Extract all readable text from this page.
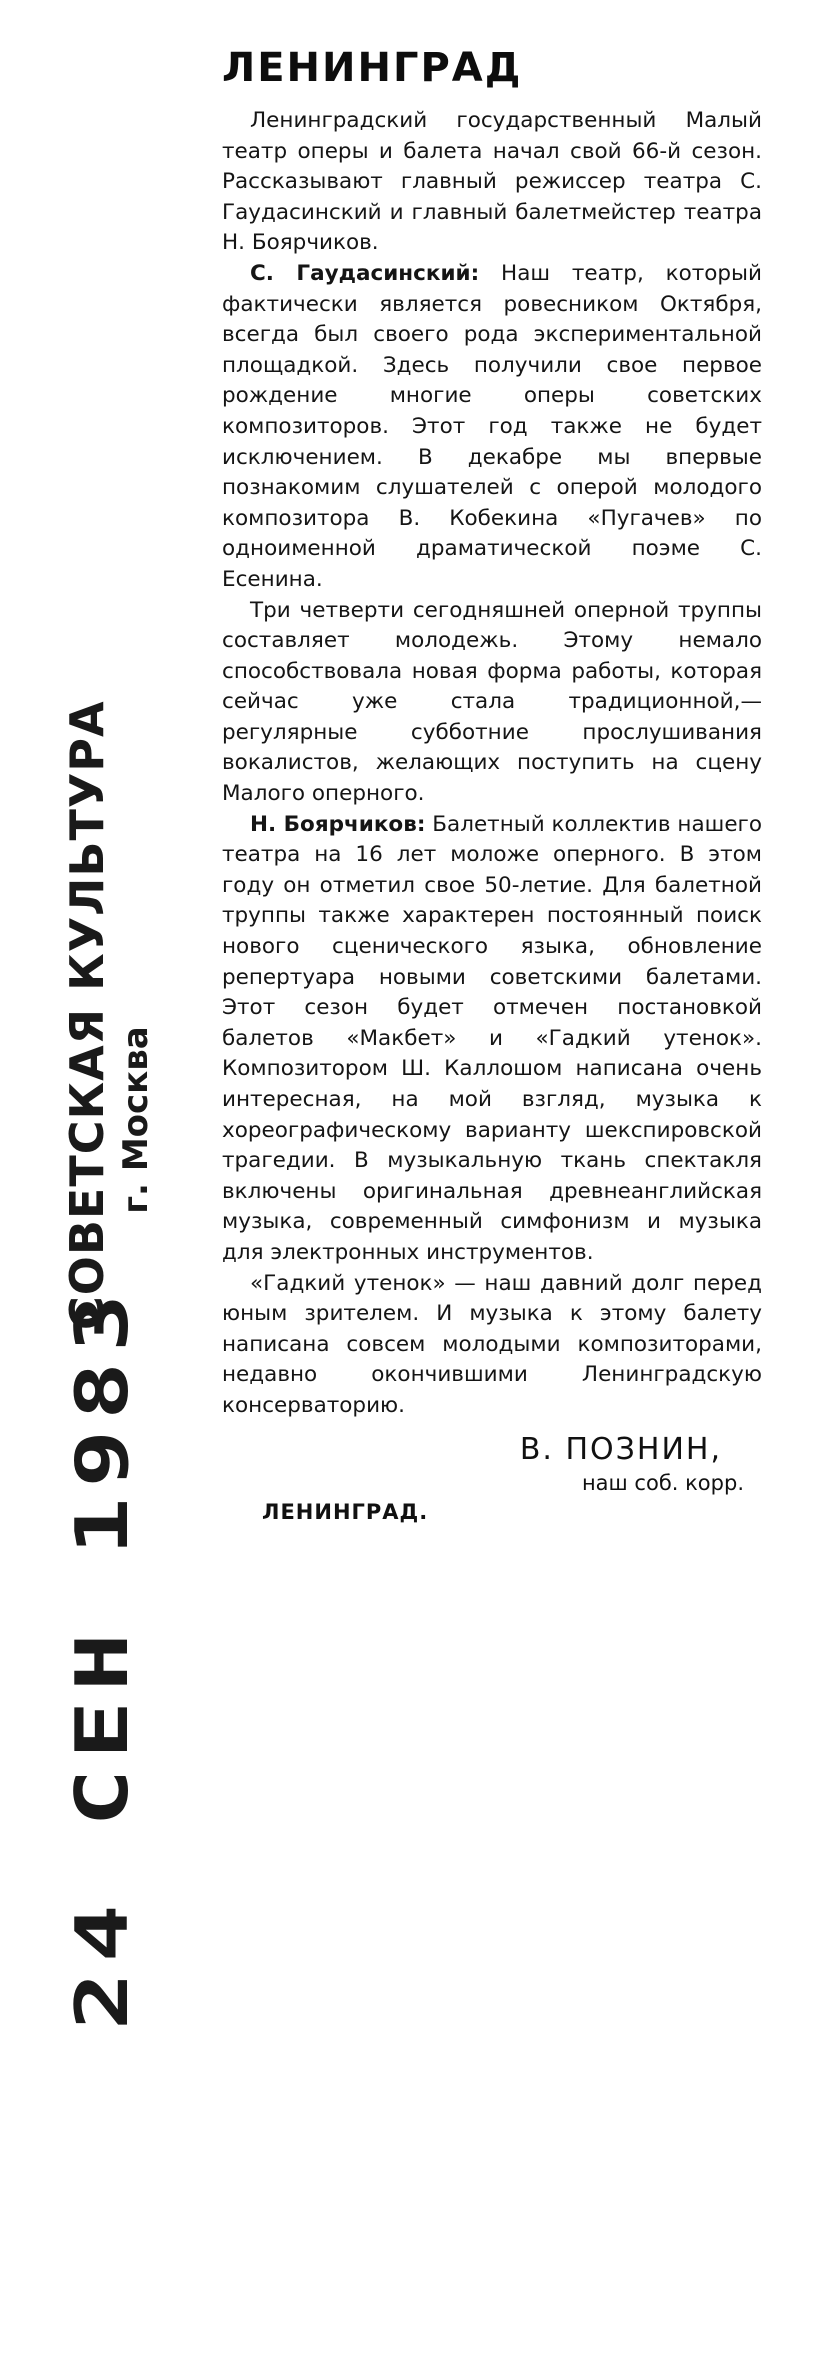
24 СЕН 1983
СОВЕТСКАЯ КУЛЬТУРА г. Москва
ЛЕНИНГРАД

Ленинградский государственный Малый театр оперы и балета начал свой 66-й сезон. Рассказывают главный режиссер театра С. Гаудасинский и главный балетмейстер театра Н. Боярчиков.

С. Гаудасинский: Наш театр, который фактически является ровесником Октября, всегда был своего рода экспериментальной площадкой. Здесь получили свое первое рождение многие оперы советских композиторов. Этот год также не будет исключением. В декабре мы впервые познакомим слушателей с оперой молодого композитора В. Кобекина «Пугачев» по одноименной драматической поэме С. Есенина.

Три четверти сегодняшней оперной труппы составляет молодежь. Этому немало способствовала новая форма работы, которая сейчас уже стала традиционной,— регулярные субботние прослушивания вокалистов, желающих поступить на сцену Малого оперного.

Н. Боярчиков: Балетный коллектив нашего театра на 16 лет моложе оперного. В этом году он отметил свое 50-летие. Для балетной труппы также характерен постоянный поиск нового сценического языка, обновление репертуара новыми советскими балетами. Этот сезон будет отмечен постановкой балетов «Макбет» и «Гадкий утенок». Композитором Ш. Каллошом написана очень интересная, на мой взгляд, музыка к хореографическому варианту шекспировской трагедии. В музыкальную ткань спектакля включены оригинальная древнеанглийская музыка, современный симфонизм и музыка для электронных инструментов.

«Гадкий утенок» — наш давний долг перед юным зрителем. И музыка к этому балету написана совсем молодыми композиторами, недавно окончившими Ленинградскую консерваторию.

В. ПОЗНИН,
наш соб. корр.
ЛЕНИНГРАД.
